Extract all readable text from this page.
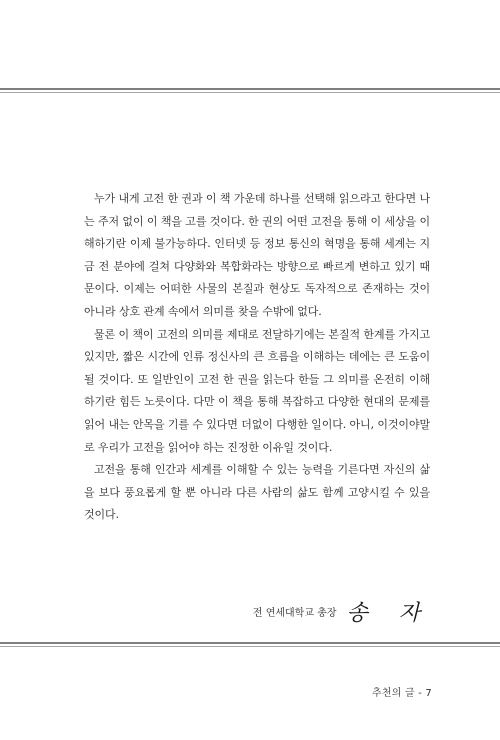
누가 내게 고전 한 권과 이 책 가운데 하나를 선택해 읽으라고 한다면 나는 주저 없이 이 책을 고를 것이다. 한 권의 어떤 고전을 통해 이 세상을 이해하기란 이제 불가능하다. 인터넷 등 정보 통신의 혁명을 통해 세계는 지금 전 분야에 걸쳐 다양화와 복합화라는 방향으로 빠르게 변하고 있기 때문이다. 이제는 어떠한 사물의 본질과 현상도 독자적으로 존재하는 것이 아니라 상호 관계 속에서 의미를 찾을 수밖에 없다.

물론 이 책이 고전의 의미를 제대로 전달하기에는 본질적 한계를 가지고 있지만, 짧은 시간에 인류 정신사의 큰 흐름을 이해하는 데에는 큰 도움이 될 것이다. 또 일반인이 고전 한 권을 읽는다 한들 그 의미를 온전히 이해하기란 힘든 노릇이다. 다만 이 책을 통해 복잡하고 다양한 현대의 문제를 읽어 내는 안목을 기를 수 있다면 더없이 다행한 일이다. 아니, 이것이야말로 우리가 고전을 읽어야 하는 진정한 이유일 것이다.

고전을 통해 인간과 세계를 이해할 수 있는 능력을 기른다면 자신의 삶을 보다 풍요롭게 할 뿐 아니라 다른 사람의 삶도 함께 고양시킬 수 있을 것이다.

전 연세대학교 총장 송 자
추천의 글 - 7
